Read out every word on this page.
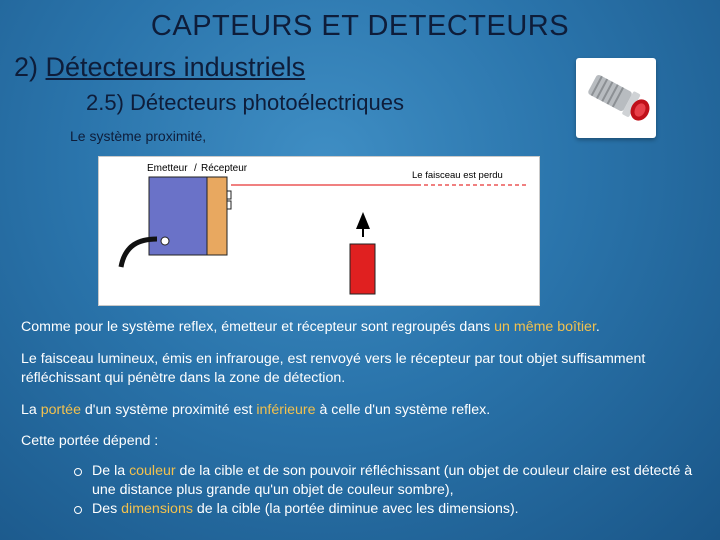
CAPTEURS ET DETECTEURS
2) Détecteurs industriels
2.5) Détecteurs photoélectriques
Le système proximité,
Emetteur / Récepteur
Le faisceau est perdu
Comme pour le système reflex, émetteur et récepteur sont regroupés dans un même boîtier.
Le faisceau lumineux, émis en infrarouge, est renvoyé vers le récepteur par tout objet suffisamment réfléchissant qui pénètre dans la zone de détection.
La portée d'un système proximité est inférieure à celle d'un système reflex.
Cette portée dépend :
De la couleur de la cible et de son pouvoir réfléchissant (un objet de couleur claire est détecté à une distance plus grande qu'un objet de couleur sombre),
Des dimensions de la cible (la portée diminue avec les dimensions).
